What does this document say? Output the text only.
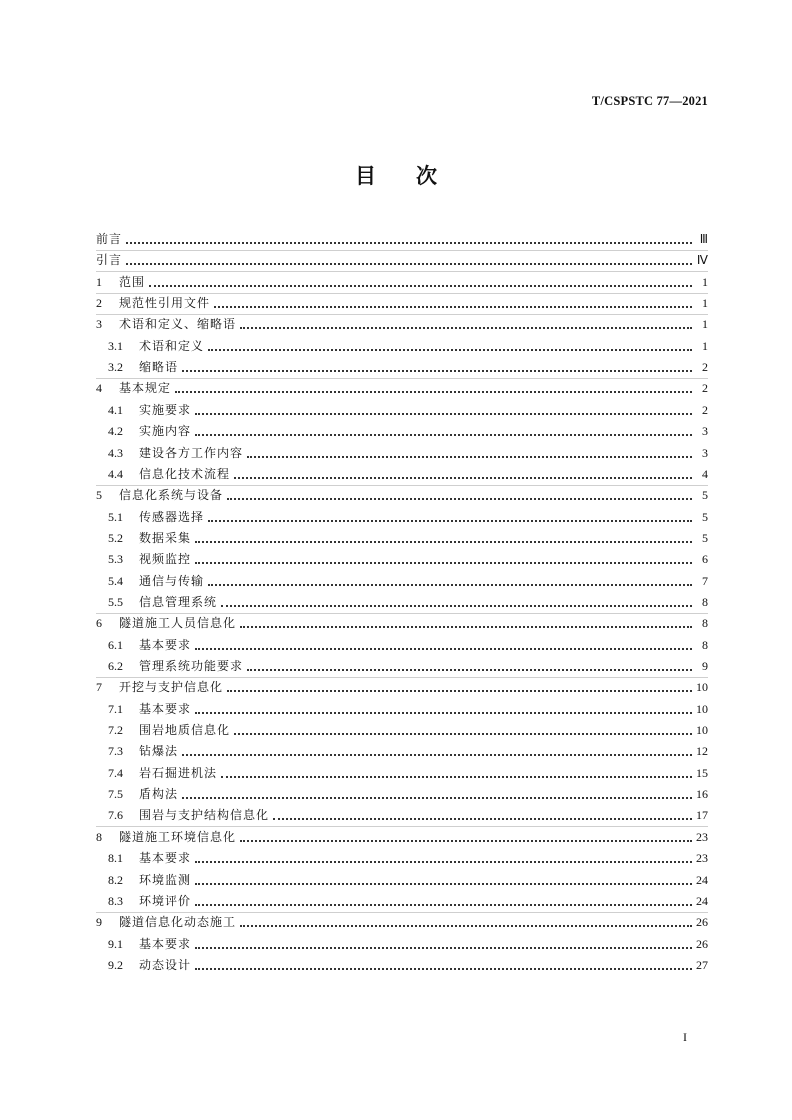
T/CSPSTC 77—2021
目 次
前言	Ⅲ
引言	Ⅳ
1	范围	1
2	规范性引用文件	1
3	术语和定义、缩略语	1
3.1	术语和定义	1
3.2	缩略语	2
4	基本规定	2
4.1	实施要求	2
4.2	实施内容	3
4.3	建设各方工作内容	3
4.4	信息化技术流程	4
5	信息化系统与设备	5
5.1	传感器选择	5
5.2	数据采集	5
5.3	视频监控	6
5.4	通信与传输	7
5.5	信息管理系统	8
6	隧道施工人员信息化	8
6.1	基本要求	8
6.2	管理系统功能要求	9
7	开挖与支护信息化	10
7.1	基本要求	10
7.2	围岩地质信息化	10
7.3	钻爆法	12
7.4	岩石掘进机法	15
7.5	盾构法	16
7.6	围岩与支护结构信息化	17
8	隧道施工环境信息化	23
8.1	基本要求	23
8.2	环境监测	24
8.3	环境评价	24
9	隧道信息化动态施工	26
9.1	基本要求	26
9.2	动态设计	27
I
